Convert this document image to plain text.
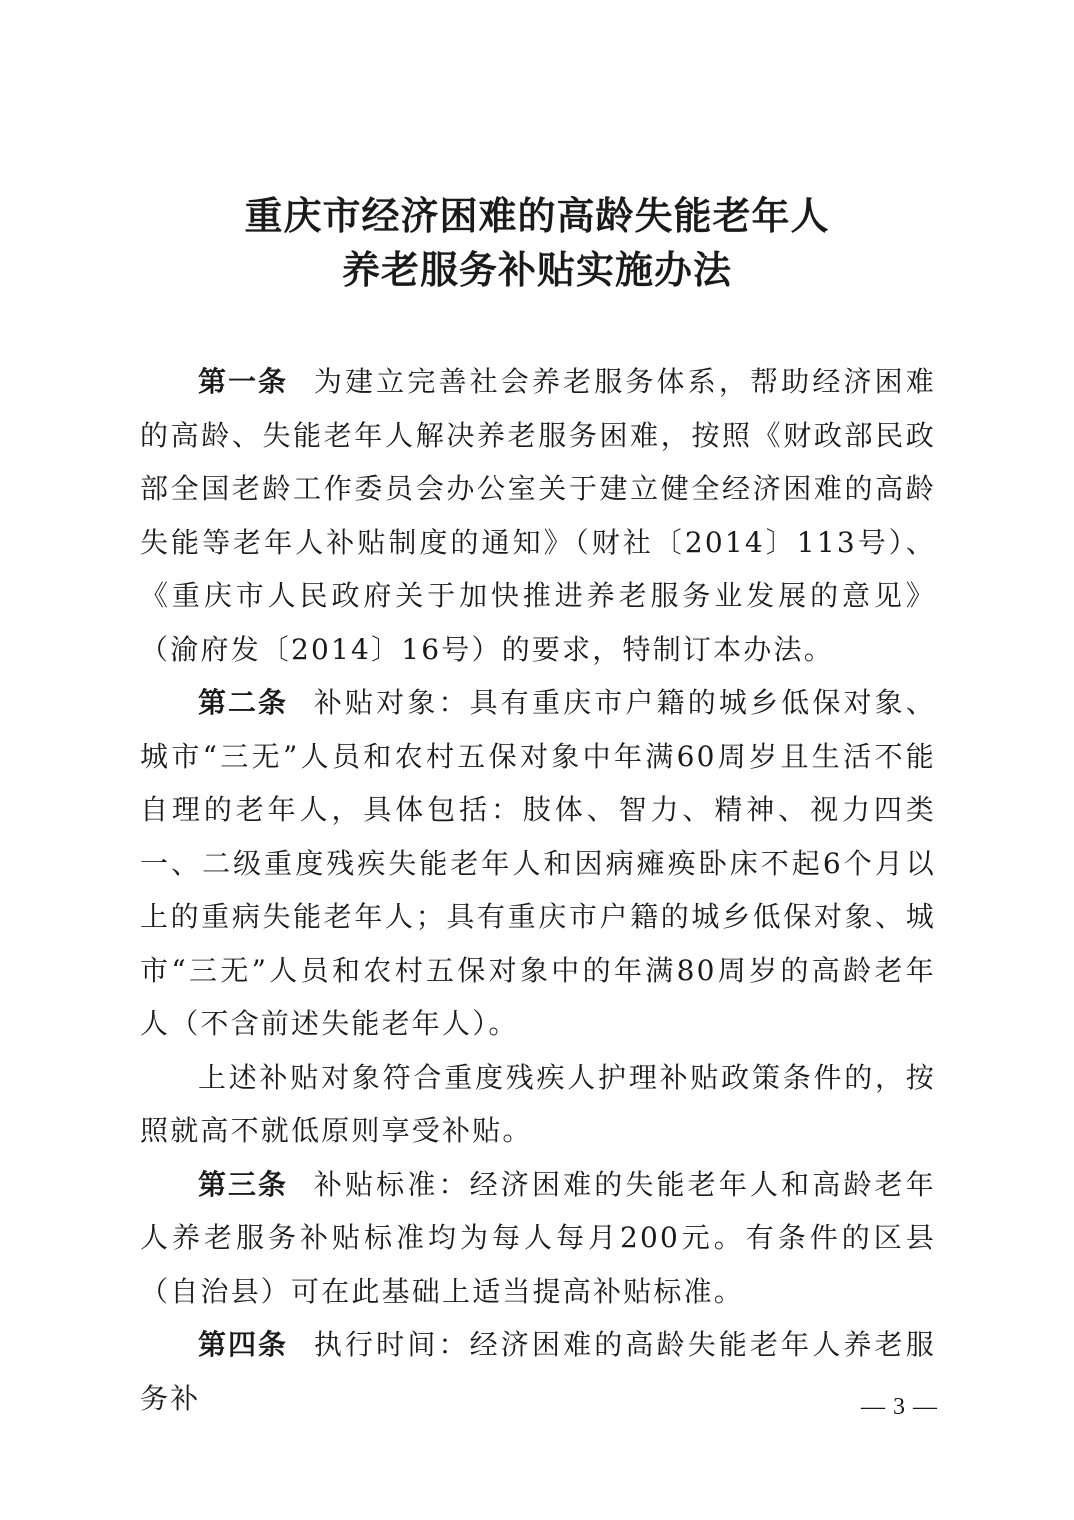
重庆市经济困难的高龄失能老年人
养老服务补贴实施办法

第一条 为建立完善社会养老服务体系，帮助经济困难的高龄、失能老年人解决养老服务困难，按照《财政部民政部全国老龄工作委员会办公室关于建立健全经济困难的高龄失能等老年人补贴制度的通知》（财社〔2014〕113号）、《重庆市人民政府关于加快推进养老服务业发展的意见》（渝府发〔2014〕16号）的要求，特制订本办法。

第二条 补贴对象：具有重庆市户籍的城乡低保对象、城市“三无”人员和农村五保对象中年满60周岁且生活不能自理的老年人，具体包括：肢体、智力、精神、视力四类一、二级重度残疾失能老年人和因病瘫痪卧床不起6个月以上的重病失能老年人；具有重庆市户籍的城乡低保对象、城市“三无”人员和农村五保对象中的年满80周岁的高龄老年人（不含前述失能老年人）。

上述补贴对象符合重度残疾人护理补贴政策条件的，按照就高不就低原则享受补贴。

第三条 补贴标准：经济困难的失能老年人和高龄老年人养老服务补贴标准均为每人每月200元。有条件的区县（自治县）可在此基础上适当提高补贴标准。

第四条 执行时间：经济困难的高龄失能老年人养老服务补	— 3 —
